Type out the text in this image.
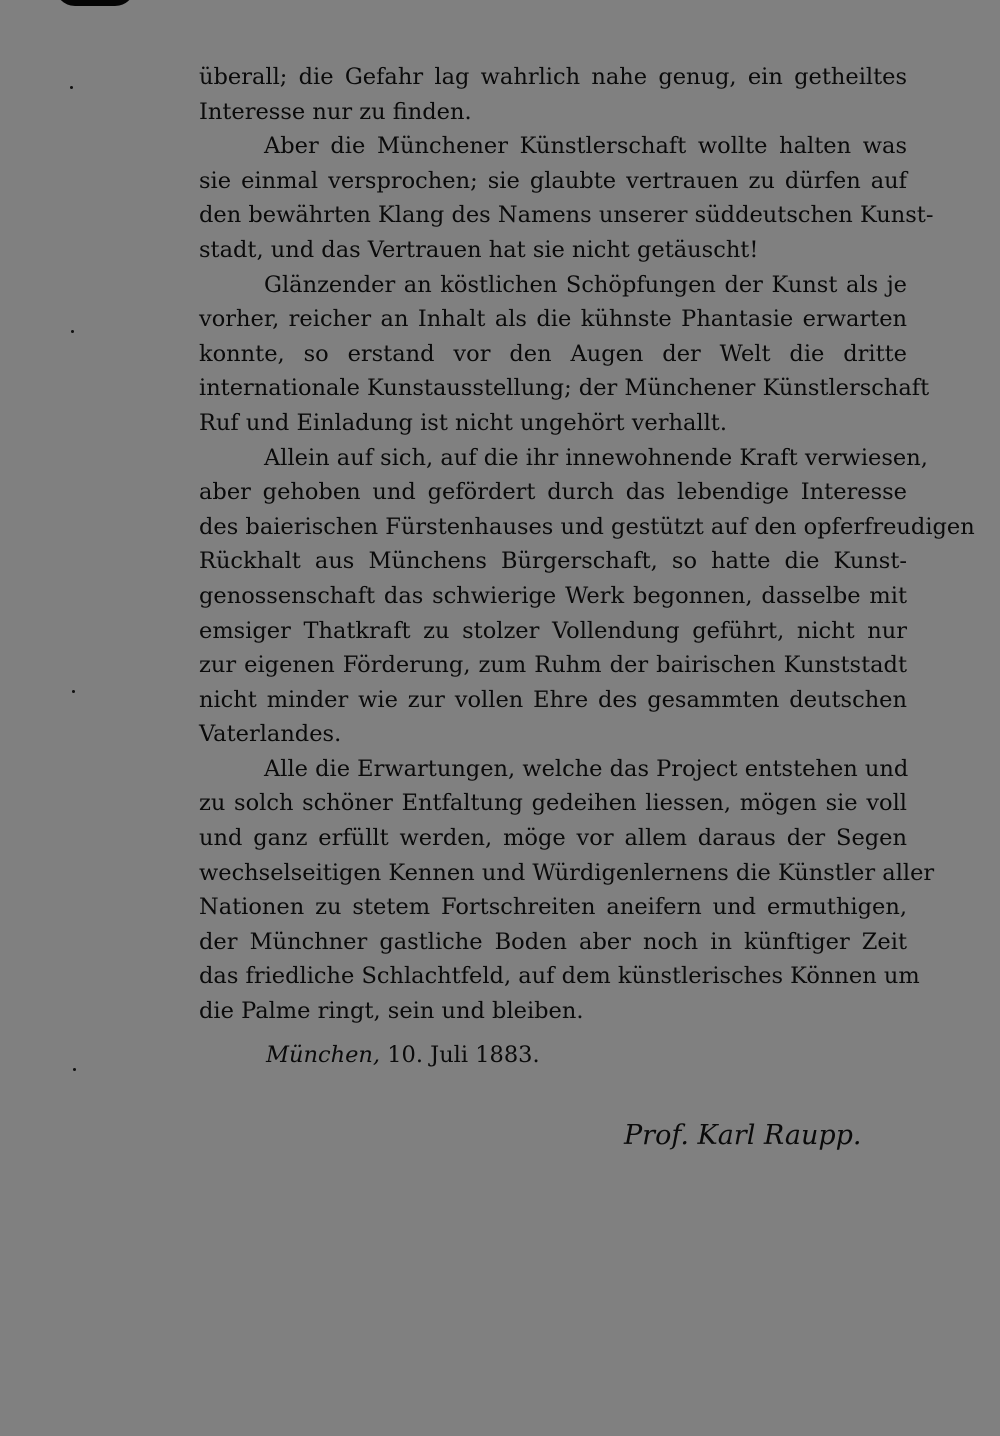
überall; die Gefahr lag wahrlich nahe genug, ein getheiltes
Interesse nur zu finden.
Aber die Münchener Künstlerschaft wollte halten was
sie einmal versprochen; sie glaubte vertrauen zu dürfen auf
den bewährten Klang des Namens unserer süddeutschen Kunst-
stadt, und das Vertrauen hat sie nicht getäuscht!
Glänzender an köstlichen Schöpfungen der Kunst als je
vorher, reicher an Inhalt als die kühnste Phantasie erwarten
konnte, so erstand vor den Augen der Welt die dritte
internationale Kunstausstellung; der Münchener Künstlerschaft
Ruf und Einladung ist nicht ungehört verhallt.
Allein auf sich, auf die ihr innewohnende Kraft verwiesen,
aber gehoben und gefördert durch das lebendige Interesse
des baierischen Fürstenhauses und gestützt auf den opferfreudigen
Rückhalt aus Münchens Bürgerschaft, so hatte die Kunst-
genossenschaft das schwierige Werk begonnen, dasselbe mit
emsiger Thatkraft zu stolzer Vollendung geführt, nicht nur
zur eigenen Förderung, zum Ruhm der bairischen Kunststadt
nicht minder wie zur vollen Ehre des gesammten deutschen
Vaterlandes.
Alle die Erwartungen, welche das Project entstehen und
zu solch schöner Entfaltung gedeihen liessen, mögen sie voll
und ganz erfüllt werden, möge vor allem daraus der Segen
wechselseitigen Kennen und Würdigenlernens die Künstler aller
Nationen zu stetem Fortschreiten aneifern und ermuthigen,
der Münchner gastliche Boden aber noch in künftiger Zeit
das friedliche Schlachtfeld, auf dem künstlerisches Können um
die Palme ringt, sein und bleiben.
München, 10. Juli 1883.
Prof. Karl Raupp.
